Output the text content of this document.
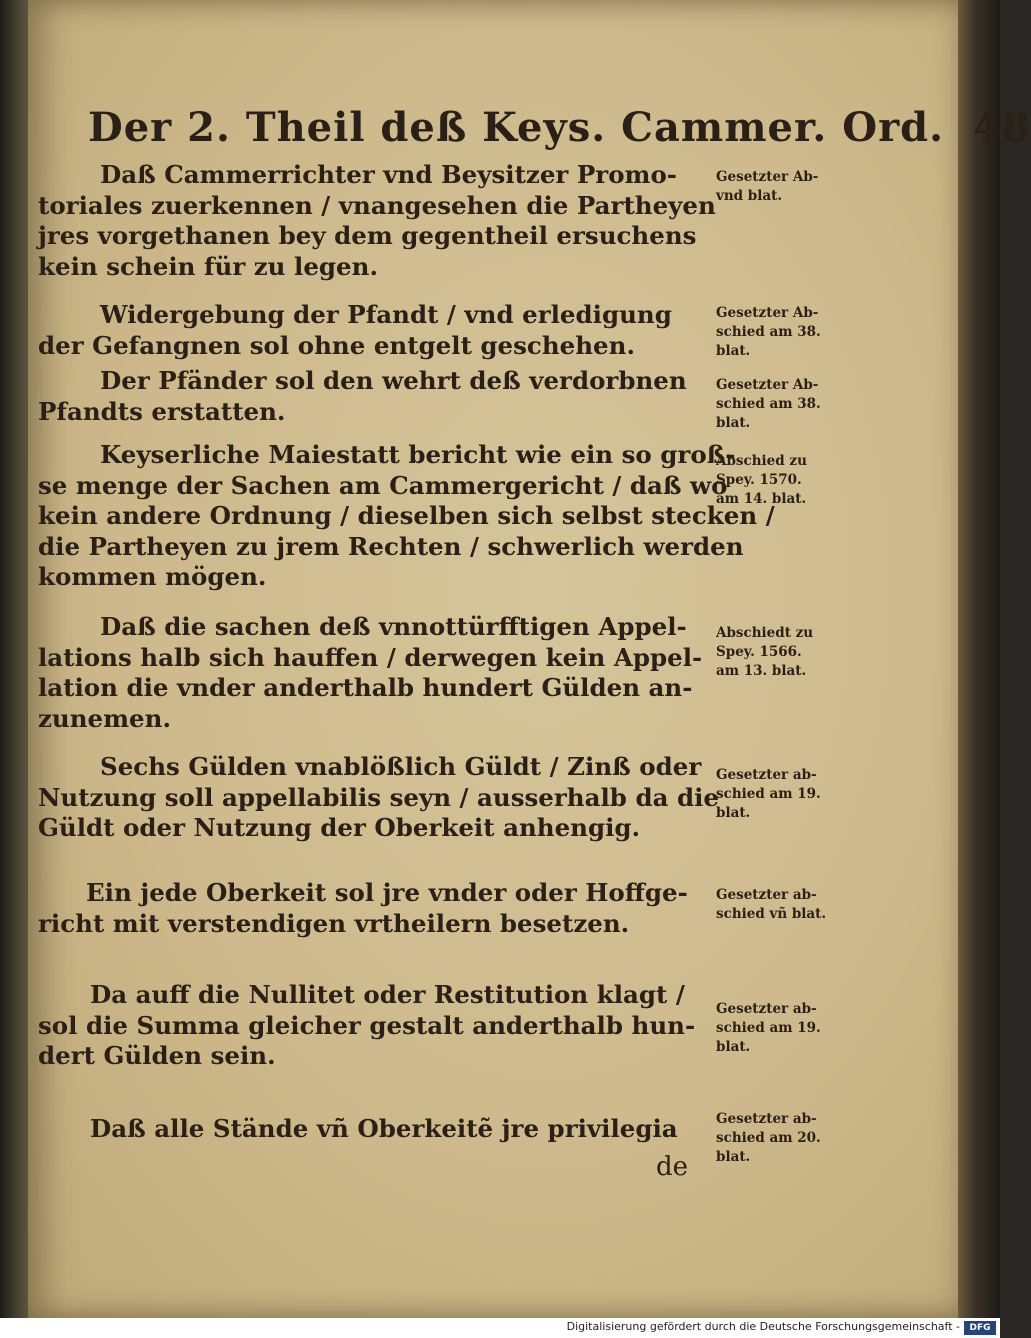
Der 2. Theil deß Keys. Cammer. Ord. 48
Daß Cammerrichter vnd Beysitzer Promo-
toriales zuerkennen / vnangesehen die Partheyen
jres vorgethanen bey dem gegentheil ersuchens
kein schein für zu legen.
Gesetzter Ab-
vnd blat.
Widergebung der Pfandt / vnd erledigung
der Gefangnen sol ohne entgelt geschehen.
Gesetzter Ab-
schied am 38.
blat.
Der Pfänder sol den wehrt deß verdorbnen
Pfandts erstatten.
Gesetzter Ab-
schied am 38.
blat.
Keyserliche Maiestatt bericht wie ein so groß-
se menge der Sachen am Cammergericht / daß wo
kein andere Ordnung / dieselben sich selbst stecken /
die Partheyen zu jrem Rechten / schwerlich werden
kommen mögen.
Abschied zu
Spey. 1570.
am 14. blat.
Daß die sachen deß vnnottürfftigen Appel-
lations halb sich hauffen / derwegen kein Appel-
lation die vnder anderthalb hundert Gülden an-
zunemen.
Abschiedt zu
Spey. 1566.
am 13. blat.
Sechs Gülden vnablößlich Güldt / Zinß oder
Nutzung soll appellabilis seyn / ausserhalb da die
Güldt oder Nutzung der Oberkeit anhengig.
Gesetzter ab-
schied am 19.
blat.
Ein jede Oberkeit sol jre vnder oder Hoffge-
richt mit verstendigen vrtheilern besetzen.
Gesetzter ab-
schied vñ blat.
Da auff die Nullitet oder Restitution klagt /
sol die Summa gleicher gestalt anderthalb hun-
dert Gülden sein.
Gesetzter ab-
schied am 19.
blat.
Daß alle Stände vñ Oberkeitẽ jre privilegia	Gesetzter ab-
schied am 20.
blat.
de
Digitalisierung gefördert durch die Deutsche Forschungsgemeinschaft -	DFG
